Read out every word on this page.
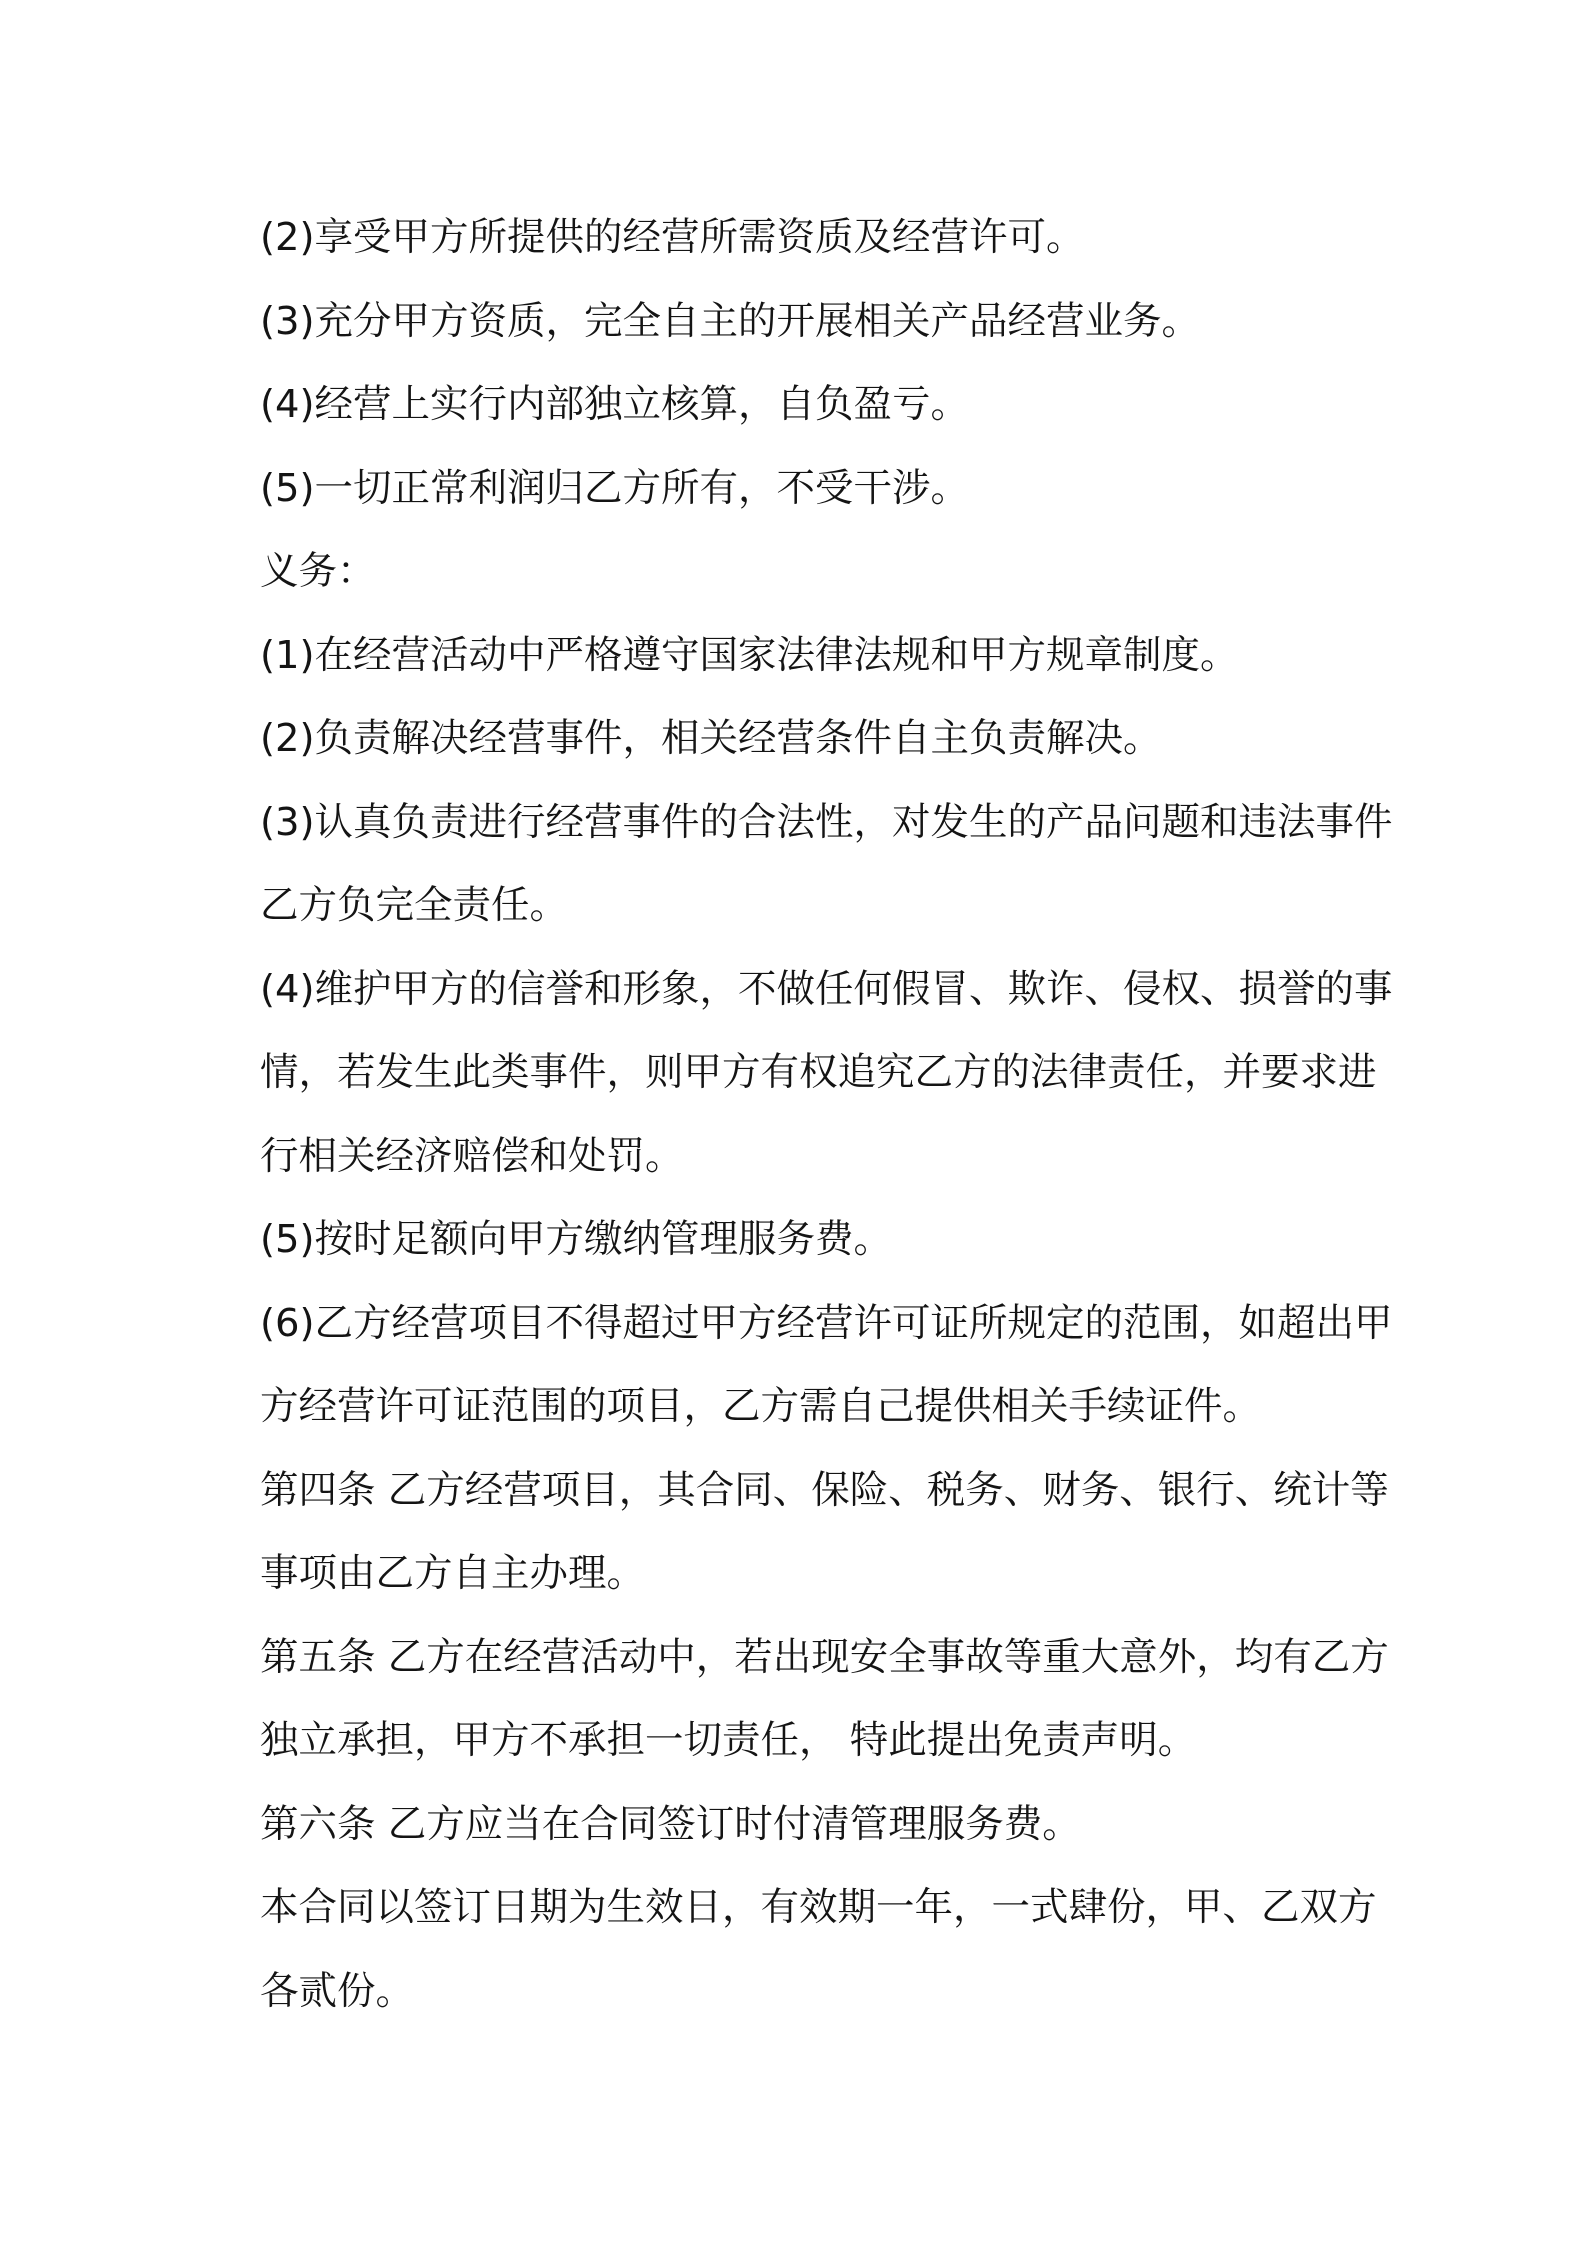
(2)享受甲方所提供的经营所需资质及经营许可。
(3)充分甲方资质，完全自主的开展相关产品经营业务。
(4)经营上实行内部独立核算，自负盈亏。
(5)一切正常利润归乙方所有，不受干涉。
义务：
(1)在经营活动中严格遵守国家法律法规和甲方规章制度。
(2)负责解决经营事件，相关经营条件自主负责解决。
(3)认真负责进行经营事件的合法性，对发生的产品问题和违法事件
乙方负完全责任。
(4)维护甲方的信誉和形象，不做任何假冒、欺诈、侵权、损誉的事
情，若发生此类事件，则甲方有权追究乙方的法律责任，并要求进
行相关经济赔偿和处罚。
(5)按时足额向甲方缴纳管理服务费。
(6)乙方经营项目不得超过甲方经营许可证所规定的范围，如超出甲
方经营许可证范围的项目，乙方需自己提供相关手续证件。
第四条 乙方经营项目，其合同、保险、税务、财务、银行、统计等
事项由乙方自主办理。
第五条 乙方在经营活动中，若出现安全事故等重大意外，均有乙方
独立承担，甲方不承担一切责任， 特此提出免责声明。
第六条 乙方应当在合同签订时付清管理服务费。
本合同以签订日期为生效日，有效期一年，一式肆份，甲、乙双方
各贰份。
